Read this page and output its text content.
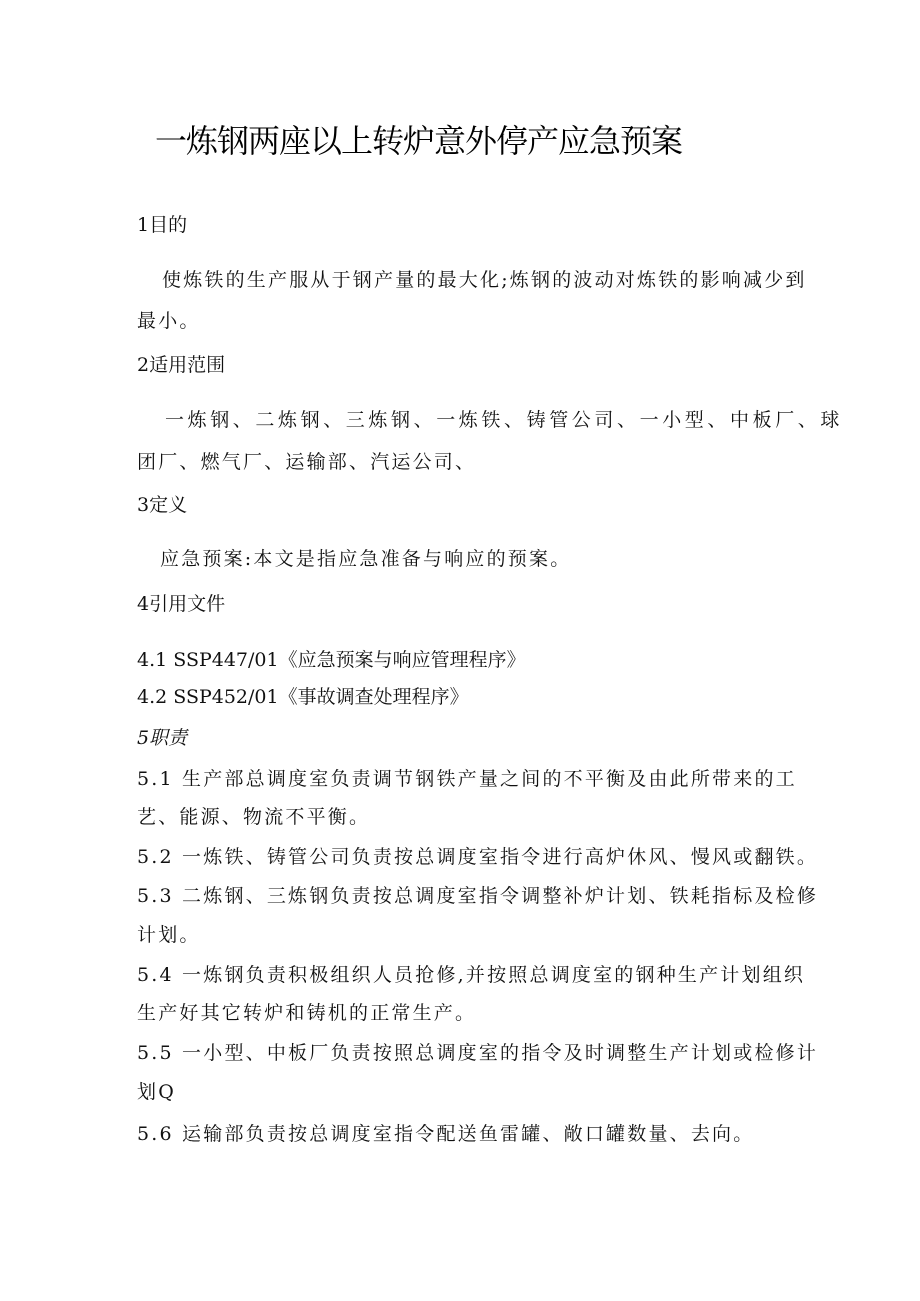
一炼钢两座以上转炉意外停产应急预案
1目的
使炼铁的生产服从于钢产量的最大化;炼钢的波动对炼铁的影响减少到
最小。
2适用范围
一炼钢、二炼钢、三炼钢、一炼铁、铸管公司、一小型、中板厂、球
团厂、燃气厂、运输部、汽运公司、
3定义
应急预案:本文是指应急准备与响应的预案。
4引用文件
4.1 SSP447/01《应急预案与响应管理程序》
4.2 SSP452/01《事故调查处理程序》
5职责
5.1 生产部总调度室负责调节钢铁产量之间的不平衡及由此所带来的工
艺、能源、物流不平衡。
5.2 一炼铁、铸管公司负责按总调度室指令进行高炉休风、慢风或翻铁。
5.3 二炼钢、三炼钢负责按总调度室指令调整补炉计划、铁耗指标及检修
计划。
5.4 一炼钢负责积极组织人员抢修,并按照总调度室的钢种生产计划组织
生产好其它转炉和铸机的正常生产。
5.5 一小型、中板厂负责按照总调度室的指令及时调整生产计划或检修计
划Q
5.6 运输部负责按总调度室指令配送鱼雷罐、敞口罐数量、去向。
